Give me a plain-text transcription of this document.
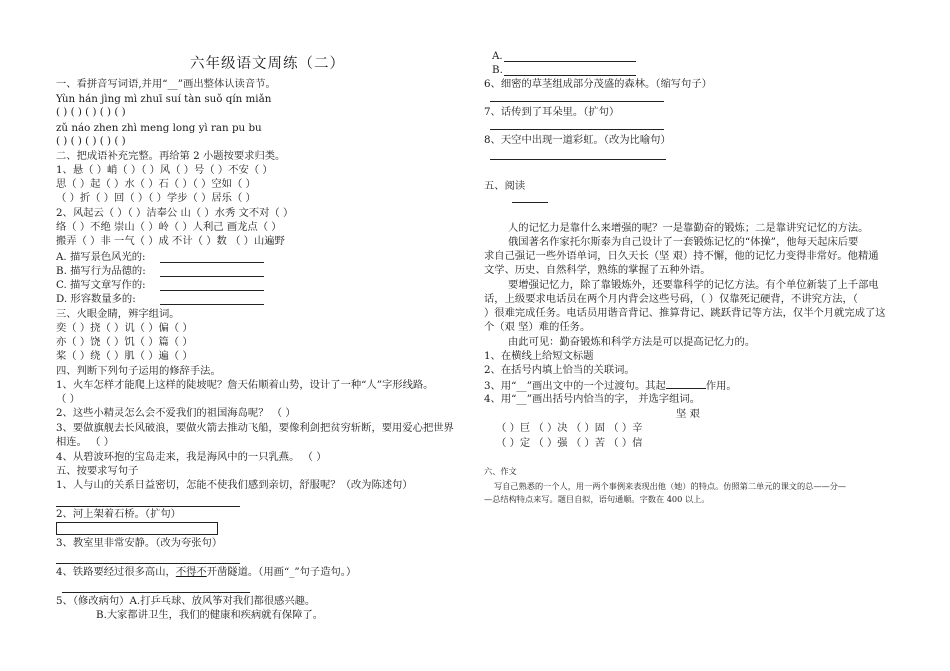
六年级语文周练（二）
一、看拼音写词语,并用“__”画出整体认读音节。
Yùn hán jìng mì zhuī suí tàn suǒ qín miǎn
( ) ( ) ( ) ( ) ( )
zǔ náo zhen zhì meng long yì ran pu bu
( ) ( ) ( ) ( ) ( )
二、把成语补充完整。再给第 2 小题按要求归类。
1、悬（ ）峭（ ）（ ）风（ ）号（ ）不安（ ）
思（ ）起（ ）水（ ）石（ ）（ ）空如（ ）
（ ）折（ ）回（ ）（ ）学步（ ）居乐（ ）
2、风起云（ ）（ ）洁奉公 山（ ）水秀 文不对（ ）
络（ ）不绝 崇山（ ）岭（ ）人利己 画龙点（ ）
搬弄（ ）非 一气（ ）成 不计（ ）数 （ ）山遍野
A. 描写景色风光的:
B. 描写行为品德的:
C. 描写文章写作的:
D. 形容数量多的:
三、火眼金睛，辨字组词。
奕（ ）挠（ ）讥（ ）偏（ ）
亦（ ）饶（ ）饥（ ）篇（ ）
桨（ ）绕（ ）肌（ ）遍（ ）
四、判断下列句子运用的修辞手法。
1、火车怎样才能爬上这样的陡坡呢？詹天佑顺着山势，设计了一种“人”字形线路。
（ ）
2、这些小精灵怎么会不爱我们的祖国海岛呢？ （ ）
3、要做旗舰去长风破浪，要做火箭去推动飞船，要像利剑把贫穷斩断，要用爱心把世界
相连。 （ ）
4、从碧波环抱的宝岛走来，我是海风中的一只乳燕。 （ ）
五、按要求写句子
1、人与山的关系日益密切，怎能不使我们感到亲切，舒服呢？（改为陈述句）
2、河上架着石桥。（扩句）
3、教室里非常安静。（改为夸张句）
4、铁路要经过很多高山，不得不开凿隧道。（用画“_”句子造句。）
5、（修改病句）A.打乒乓球、放风筝对我们都很感兴趣。
B.大家都讲卫生，我们的健康和疾病就有保障了。
A.
B.
6、细密的草茎组成部分茂盛的森林。（缩写句子）
7、话传到了耳朵里。（扩句）
8、天空中出现一道彩虹。（改为比喻句）
五、阅读
人的记忆力是靠什么来增强的呢？一是靠勤奋的锻炼；二是靠讲究记忆的方法。
俄国著名作家托尔斯泰为自己设计了一套锻炼记忆的“体操”，他每天起床后要
求自己强记一些外语单词，日久天长（坚 艰）持不懈，他的记忆力变得非常好。他精通
文学、历史、自然科学，熟练的掌握了五种外语。
要增强记忆力，除了靠锻炼外，还要靠科学的记忆方法。有个单位新装了上千部电
话，上级要求电话员在两个月内背会这些号码，（ ）仅靠死记硬背，不讲究方法，（
）很难完成任务。电话员用谐音背记、推算背记、跳跃背记等方法，仅半个月就完成了这
个（艰 坚）难的任务。
由此可见：勤奋锻炼和科学方法是可以提高记忆力的。
1、在横线上给短文标题
2、在括号内填上恰当的关联词。
3、用“__”画出文中的一个过渡句。其起	作用。
4、用“__”画出括号内恰当的字， 并选字组词。
坚 艰
（ ）巨 （ ）决 （ ）固 （ ）辛
（ ）定 （ ）强 （ ）苦 （ ）信
六、作文
写自己熟悉的一个人，用一两个事例来表现出他（她）的特点。仿照第二单元的课文的总——分—
—总结构特点来写。题目自拟，语句通顺。字数在 400 以上。
